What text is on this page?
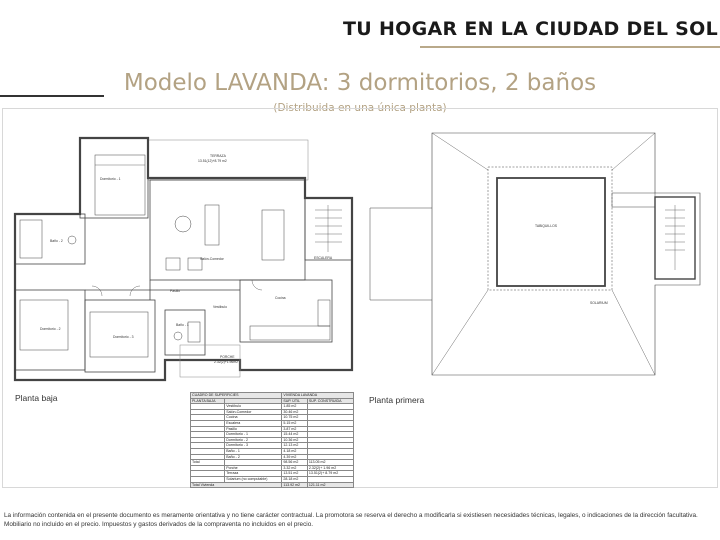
TU HOGAR EN LA CIUDAD DEL SOL
Modelo LAVANDA: 3 dormitorios, 2 baños
(Distribuida en una única planta)
TERRAZA
13.51(12)+8.79 m2
Dormitorio - 1
Baño - 2
Salón-Comedor	ESCALERA
Pasillo
Vestíbulo
Cocina
Dormitorio - 2
Dormitorio - 3
Baño - 1
PORCHE
2.32(2)+1.96m2
TABIQUILLOS
SOLARIUM
Planta baja	Planta primera
CUADRO DE SUPERFICIES		VIVIENDA LAVANDA	
PLANTA BAJA		SUP. ÚTIL	SUP. CONSTRUIDA
	Vestíbulo	1.85 m2	
	Salón-Comedor	30.46 m2	
	Cocina	10.75 m2	
	Escalera	5.15 m2	
	Pasillo	3.87 m2	
	Dormitorio - 1	15.44 m2	
	Dormitorio - 2	10.36 m2	
	Dormitorio - 3	12.13 m2	
	Baño - 1	4.18 m2	
	Baño - 2	4.39 m2	
Total		98.56 m2	113.05 m2
	Porche	3.32 m2	2.32(2)+ 1.96 m2
	Terraza	13.51 m2	13.51(2)+ 8.79 m2
	Solarium (no computable)	28.18 m2	
Total Vivienda		113.92 m2	121.11 m2
La información contenida en el presente documento es meramente orientativa y no tiene carácter contractual. La promotora se reserva el derecho a modificarla si existiesen necesidades técnicas, legales, o indicaciones de la dirección facultativa. Mobiliario no incluido en el precio. Impuestos y gastos derivados de la compraventa no incluidos en el precio.
